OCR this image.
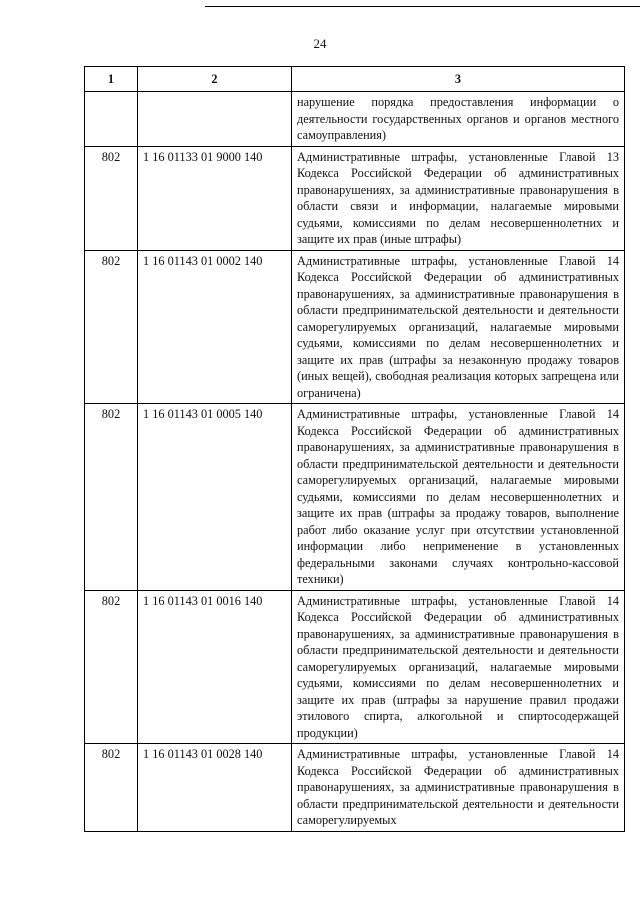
24
1	2	3
		нарушение порядка предоставления информации о деятельности государственных органов и органов местного самоуправления)
802	1 16 01133 01 9000 140	Административные штрафы, установленные Главой 13 Кодекса Российской Федерации об административных правонарушениях, за административные правонарушения в области связи и информации, налагаемые мировыми судьями, комиссиями по делам несовершеннолетних и защите их прав (иные штрафы)
802	1 16 01143 01 0002 140	Административные штрафы, установленные Главой 14 Кодекса Российской Федерации об административных правонарушениях, за административные правонарушения в области предпринимательской деятельности и деятельности саморегулируемых организаций, налагаемые мировыми судьями, комиссиями по делам несовершеннолетних и защите их прав (штрафы за незаконную продажу товаров (иных вещей), свободная реализация которых запрещена или ограничена)
802	1 16 01143 01 0005 140	Административные штрафы, установленные Главой 14 Кодекса Российской Федерации об административных правонарушениях, за административные правонарушения в области предпринимательской деятельности и деятельности саморегулируемых организаций, налагаемые мировыми судьями, комиссиями по делам несовершеннолетних и защите их прав (штрафы за продажу товаров, выполнение работ либо оказание услуг при отсутствии установленной информации либо неприменение в установленных федеральными законами случаях контрольно-кассовой техники)
802	1 16 01143 01 0016 140	Административные штрафы, установленные Главой 14 Кодекса Российской Федерации об административных правонарушениях, за административные правонарушения в области предпринимательской деятельности и деятельности саморегулируемых организаций, налагаемые мировыми судьями, комиссиями по делам несовершеннолетних и защите их прав (штрафы за нарушение правил продажи этилового спирта, алкогольной и спиртосодержащей продукции)
802	1 16 01143 01 0028 140	Административные штрафы, установленные Главой 14 Кодекса Российской Федерации об административных правонарушениях, за административные правонарушения в области предпринимательской деятельности и деятельности саморегулируемых
